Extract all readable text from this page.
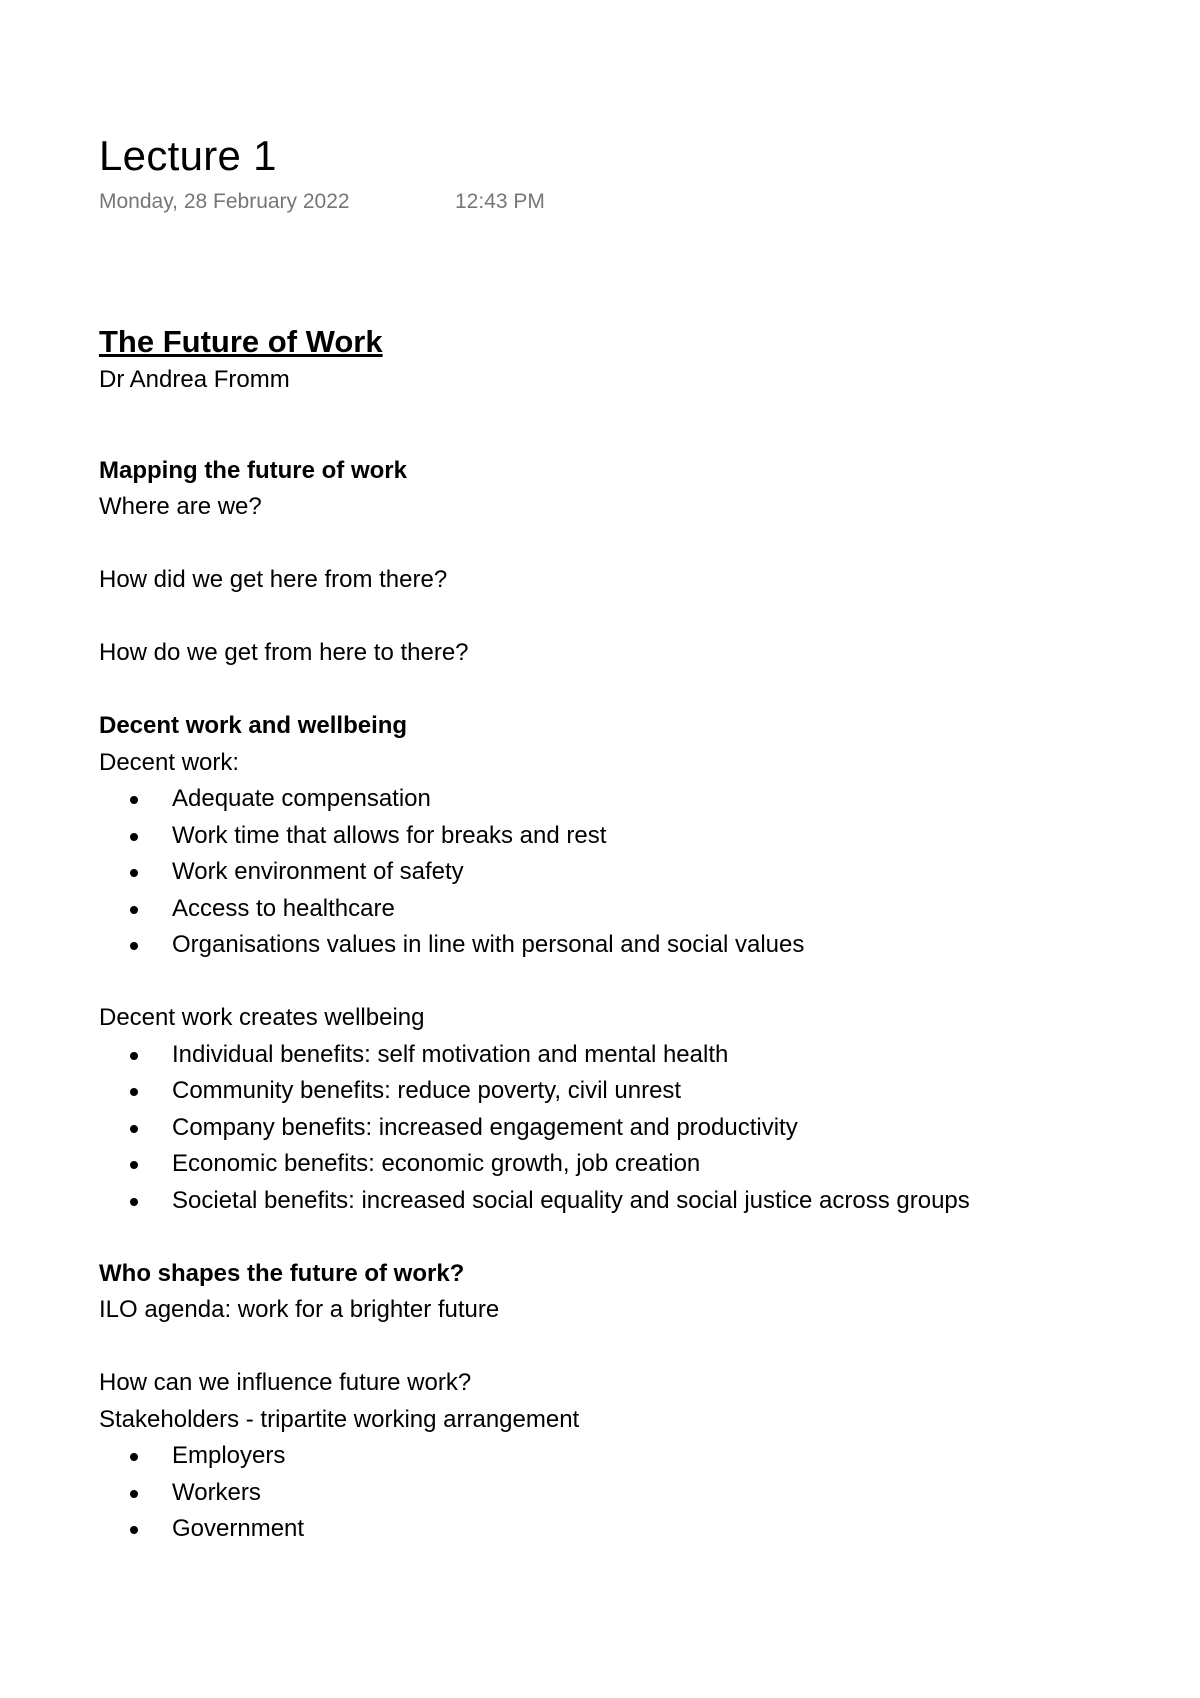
Lecture 1
Monday, 28 February 2022	12:43 PM
The Future of Work
Dr Andrea Fromm
Mapping the future of work
Where are we?
How did we get here from there?
How do we get from here to there?
Decent work and wellbeing
Decent work:
Adequate compensation
Work time that allows for breaks and rest
Work environment of safety
Access to healthcare
Organisations values in line with personal and social values
Decent work creates wellbeing
Individual benefits: self motivation and mental health
Community benefits: reduce poverty, civil unrest
Company benefits: increased engagement and productivity
Economic benefits: economic growth, job creation
Societal benefits: increased social equality and social justice across groups
Who shapes the future of work?
ILO agenda: work for a brighter future
How can we influence future work?
Stakeholders - tripartite working arrangement
Employers
Workers
Government
